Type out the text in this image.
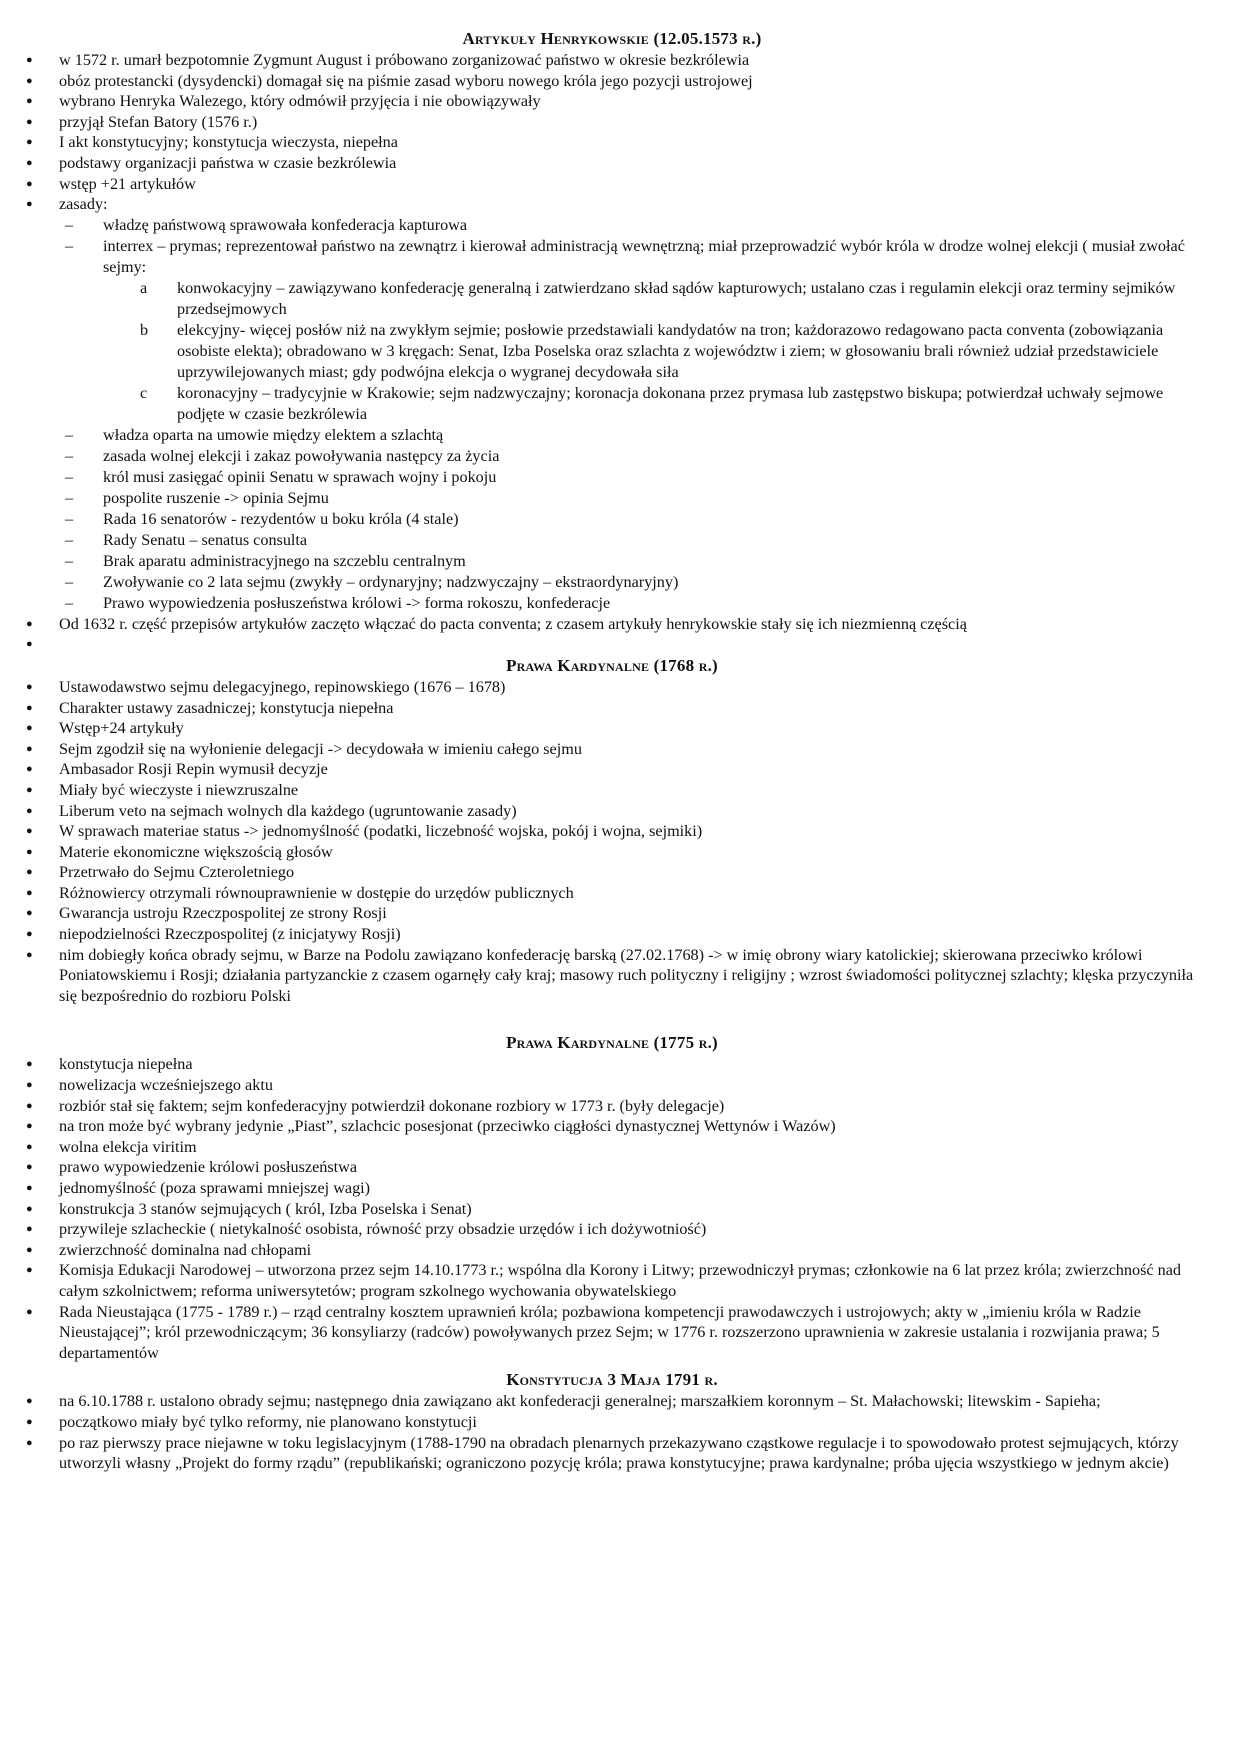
Artykuły Henrykowskie (12.05.1573 r.)
● w 1572 r. umarł bezpotomnie Zygmunt August i próbowano zorganizować państwo w okresie bezkrólewia
● obóz protestancki (dysydencki) domagał się na piśmie zasad wyboru nowego króla jego pozycji ustrojowej
● wybrano Henryka Walezego, który odmówił przyjęcia i nie obowiązywały
● przyjął Stefan Batory (1576 r.)
● I akt konstytucyjny; konstytucja wieczysta, niepełna
● podstawy organizacji państwa w czasie bezkrólewia
● wstęp +21 artykułów
● zasady:
– władzę państwową sprawowała konfederacja kapturowa
– interrex – prymas; reprezentował państwo na zewnątrz i kierował administracją wewnętrzną; miał przeprowadzić wybór króla w drodze wolnej elekcji ( musiał zwołać sejmy:
a konwokacyjny – zawiązywano konfederację generalną i zatwierdzano skład sądów kapturowych; ustalano czas i regulamin elekcji oraz terminy sejmików przedsejmowych
b elekcyjny- więcej posłów niż na zwykłym sejmie; posłowie przedstawiali kandydatów na tron; każdorazowo redagowano pacta conventa (zobowiązania osobiste elekta); obradowano w 3 kręgach: Senat, Izba Poselska oraz szlachta z województw i ziem; w głosowaniu brali również udział przedstawiciele uprzywilejowanych miast; gdy podwójna elekcja o wygranej decydowała siła
c koronacyjny – tradycyjnie w Krakowie; sejm nadzwyczajny; koronacja dokonana przez prymasa lub zastępstwo biskupa; potwierdzał uchwały sejmowe podjęte w czasie bezkrólewia
– władza oparta na umowie między elektem a szlachtą
– zasada wolnej elekcji i zakaz powoływania następcy za życia
– król musi zasięgać opinii Senatu w sprawach wojny i pokoju
– pospolite ruszenie -> opinia Sejmu
– Rada 16 senatorów - rezydentów u boku króla (4 stale)
– Rady Senatu – senatus consulta
– Brak aparatu administracyjnego na szczeblu centralnym
– Zwoływanie co 2 lata sejmu (zwykły – ordynaryjny; nadzwyczajny – ekstraordynaryjny)
– Prawo wypowiedzenia posłuszeństwa królowi -> forma rokoszu, konfederacje
● Od 1632 r. część przepisów artykułów zaczęto włączać do pacta conventa; z czasem artykuły henrykowskie stały się ich niezmienną częścią
●
Prawa Kardynalne (1768 r.)
● Ustawodawstwo sejmu delegacyjnego, repinowskiego (1676 – 1678)
● Charakter ustawy zasadniczej; konstytucja niepełna
● Wstęp+24 artykuły
● Sejm zgodził się na wyłonienie delegacji -> decydowała w imieniu całego sejmu
● Ambasador Rosji Repin wymusił decyzje
● Miały być wieczyste i niewzruszalne
● Liberum veto na sejmach wolnych dla każdego (ugruntowanie zasady)
● W sprawach materiae status -> jednomyślność (podatki, liczebność wojska, pokój i wojna, sejmiki)
● Materie ekonomiczne większością głosów
● Przetrwało do Sejmu Czteroletniego
● Różnowiercy otrzymali równouprawnienie w dostępie do urzędów publicznych
● Gwarancja ustroju Rzeczpospolitej ze strony Rosji
● niepodzielności Rzeczpospolitej (z inicjatywy Rosji)
● nim dobiegły końca obrady sejmu, w Barze na Podolu zawiązano konfederację barską (27.02.1768) -> w imię obrony wiary katolickiej; skierowana przeciwko królowi Poniatowskiemu i Rosji; działania partyzanckie z czasem ogarnęły cały kraj; masowy ruch polityczny i religijny ; wzrost świadomości politycznej szlachty; klęska przyczyniła się bezpośrednio do rozbioru Polski
Prawa Kardynalne (1775 r.)
● konstytucja niepełna
● nowelizacja wcześniejszego aktu
● rozbiór stał się faktem; sejm konfederacyjny potwierdził dokonane rozbiory w 1773 r. (były delegacje)
● na tron może być wybrany jedynie „Piast”, szlachcic posesjonat (przeciwko ciągłości dynastycznej Wettynów i Wazów)
● wolna elekcja viritim
● prawo wypowiedzenie królowi posłuszeństwa
● jednomyślność (poza sprawami mniejszej wagi)
● konstrukcja 3 stanów sejmujących ( król, Izba Poselska i Senat)
● przywileje szlacheckie ( nietykalność osobista, równość przy obsadzie urzędów i ich dożywotniość)
● zwierzchność dominalna nad chłopami
● Komisja Edukacji Narodowej – utworzona przez sejm 14.10.1773 r.; wspólna dla Korony i Litwy; przewodniczył prymas; członkowie na 6 lat przez króla; zwierzchność nad całym szkolnictwem; reforma uniwersytetów; program szkolnego wychowania obywatelskiego
● Rada Nieustająca (1775 - 1789 r.) – rząd centralny kosztem uprawnień króla; pozbawiona kompetencji prawodawczych i ustrojowych; akty w „imieniu króla w Radzie Nieustającej”; król przewodniczącym; 36 konsyliarzy (radców) powoływanych przez Sejm; w 1776 r. rozszerzono uprawnienia w zakresie ustalania i rozwijania prawa; 5 departamentów
Konstytucja 3 Maja 1791 r.
● na 6.10.1788 r. ustalono obrady sejmu; następnego dnia zawiązano akt konfederacji generalnej; marszałkiem koronnym – St. Małachowski; litewskim - Sapieha;
● początkowo miały być tylko reformy, nie planowano konstytucji
● po raz pierwszy prace niejawne w toku legislacyjnym (1788-1790 na obradach plenarnych przekazywano cząstkowe regulacje i to spowodowało protest sejmujących, którzy utworzyli własny „Projekt do formy rządu” (republikański; ograniczono pozycję króla; prawa konstytucyjne; prawa kardynalne; próba ujęcia wszystkiego w jednym akcie)
